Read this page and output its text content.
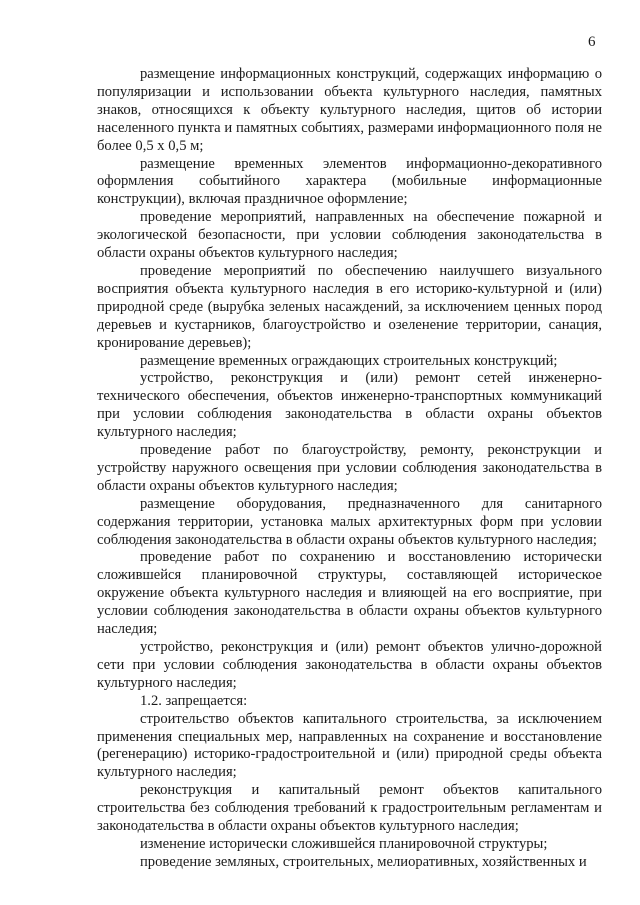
6

размещение информационных конструкций, содержащих информацию о популяризации и использовании объекта культурного наследия, памятных знаков, относящихся к объекту культурного наследия, щитов об истории населенного пункта и памятных событиях, размерами информационного поля не более 0,5 х 0,5 м;

размещение временных элементов информационно-декоративного оформления событийного характера (мобильные информационные конструкции), включая праздничное оформление;

проведение мероприятий, направленных на обеспечение пожарной и экологической безопасности, при условии соблюдения законодательства в области охраны объектов культурного наследия;

проведение мероприятий по обеспечению наилучшего визуального восприятия объекта культурного наследия в его историко-культурной и (или) природной среде (вырубка зеленых насаждений, за исключением ценных пород деревьев и кустарников, благоустройство и озеленение территории, санация, кронирование деревьев);

размещение временных ограждающих строительных конструкций;

устройство, реконструкция и (или) ремонт сетей инженерно-технического обеспечения, объектов инженерно-транспортных коммуникаций при условии соблюдения законодательства в области охраны объектов культурного наследия;

проведение работ по благоустройству, ремонту, реконструкции и устройству наружного освещения при условии соблюдения законодательства в области охраны объектов культурного наследия;

размещение оборудования, предназначенного для санитарного содержания территории, установка малых архитектурных форм при условии соблюдения законодательства в области охраны объектов культурного наследия;

проведение работ по сохранению и восстановлению исторически сложившейся планировочной структуры, составляющей историческое окружение объекта культурного наследия и влияющей на его восприятие, при условии соблюдения законодательства в области охраны объектов культурного наследия;

устройство, реконструкция и (или) ремонт объектов улично-дорожной сети при условии соблюдения законодательства в области охраны объектов культурного наследия;

1.2. запрещается:

строительство объектов капитального строительства, за исключением применения специальных мер, направленных на сохранение и восстановление (регенерацию) историко-градостроительной и (или) природной среды объекта культурного наследия;

реконструкция и капитальный ремонт объектов капитального строительства без соблюдения требований к градостроительным регламентам и законодательства в области охраны объектов культурного наследия;

изменение исторически сложившейся планировочной структуры;

проведение земляных, строительных, мелиоративных, хозяйственных и
